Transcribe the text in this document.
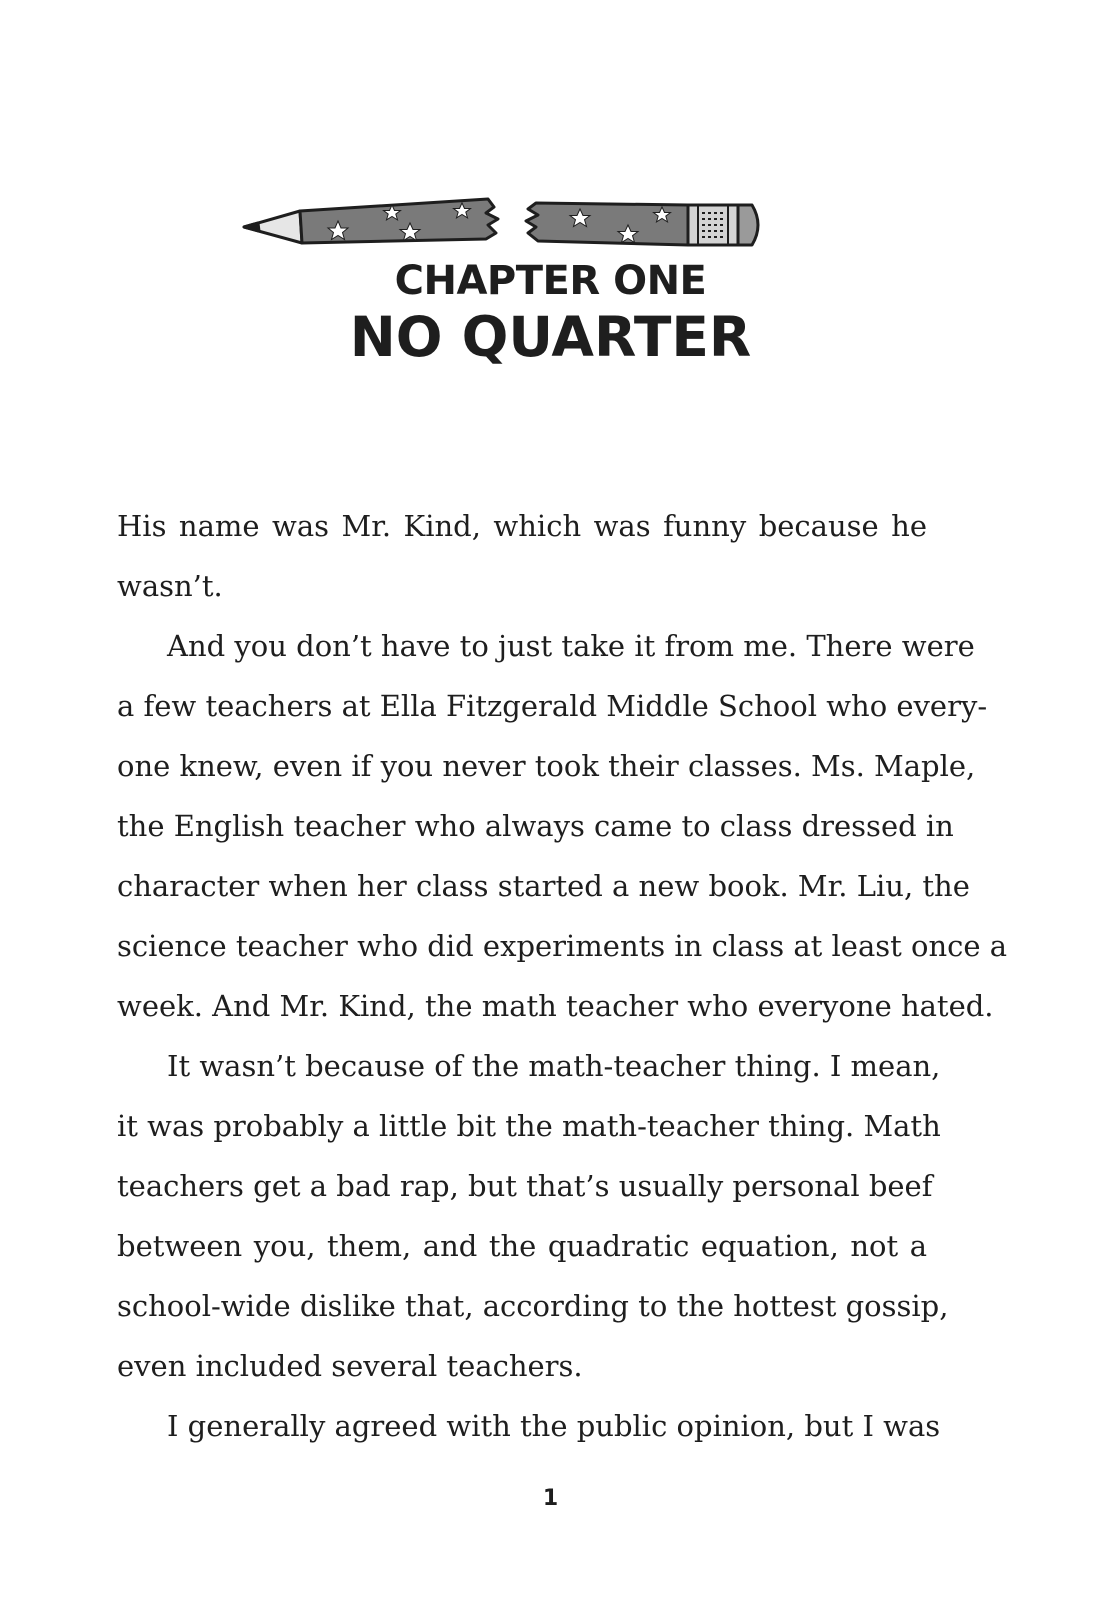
CHAPTER ONE
NO QUARTER
His name was Mr. Kind, which was funny because he
wasn’t.
And you don’t have to just take it from me. There were
a few teachers at Ella Fitzgerald Middle School who every-
one knew, even if you never took their classes. Ms. Maple,
the English teacher who always came to class dressed in
character when her class started a new book. Mr. Liu, the
science teacher who did experiments in class at least once a
week. And Mr. Kind, the math teacher who everyone hated.
It wasn’t because of the math-teacher thing. I mean,
it was probably a little bit the math-teacher thing. Math
teachers get a bad rap, but that’s usually personal beef
between you, them, and the quadratic equation, not a
school-wide dislike that, according to the hottest gossip,
even included several teachers.
I generally agreed with the public opinion, but I was
1
